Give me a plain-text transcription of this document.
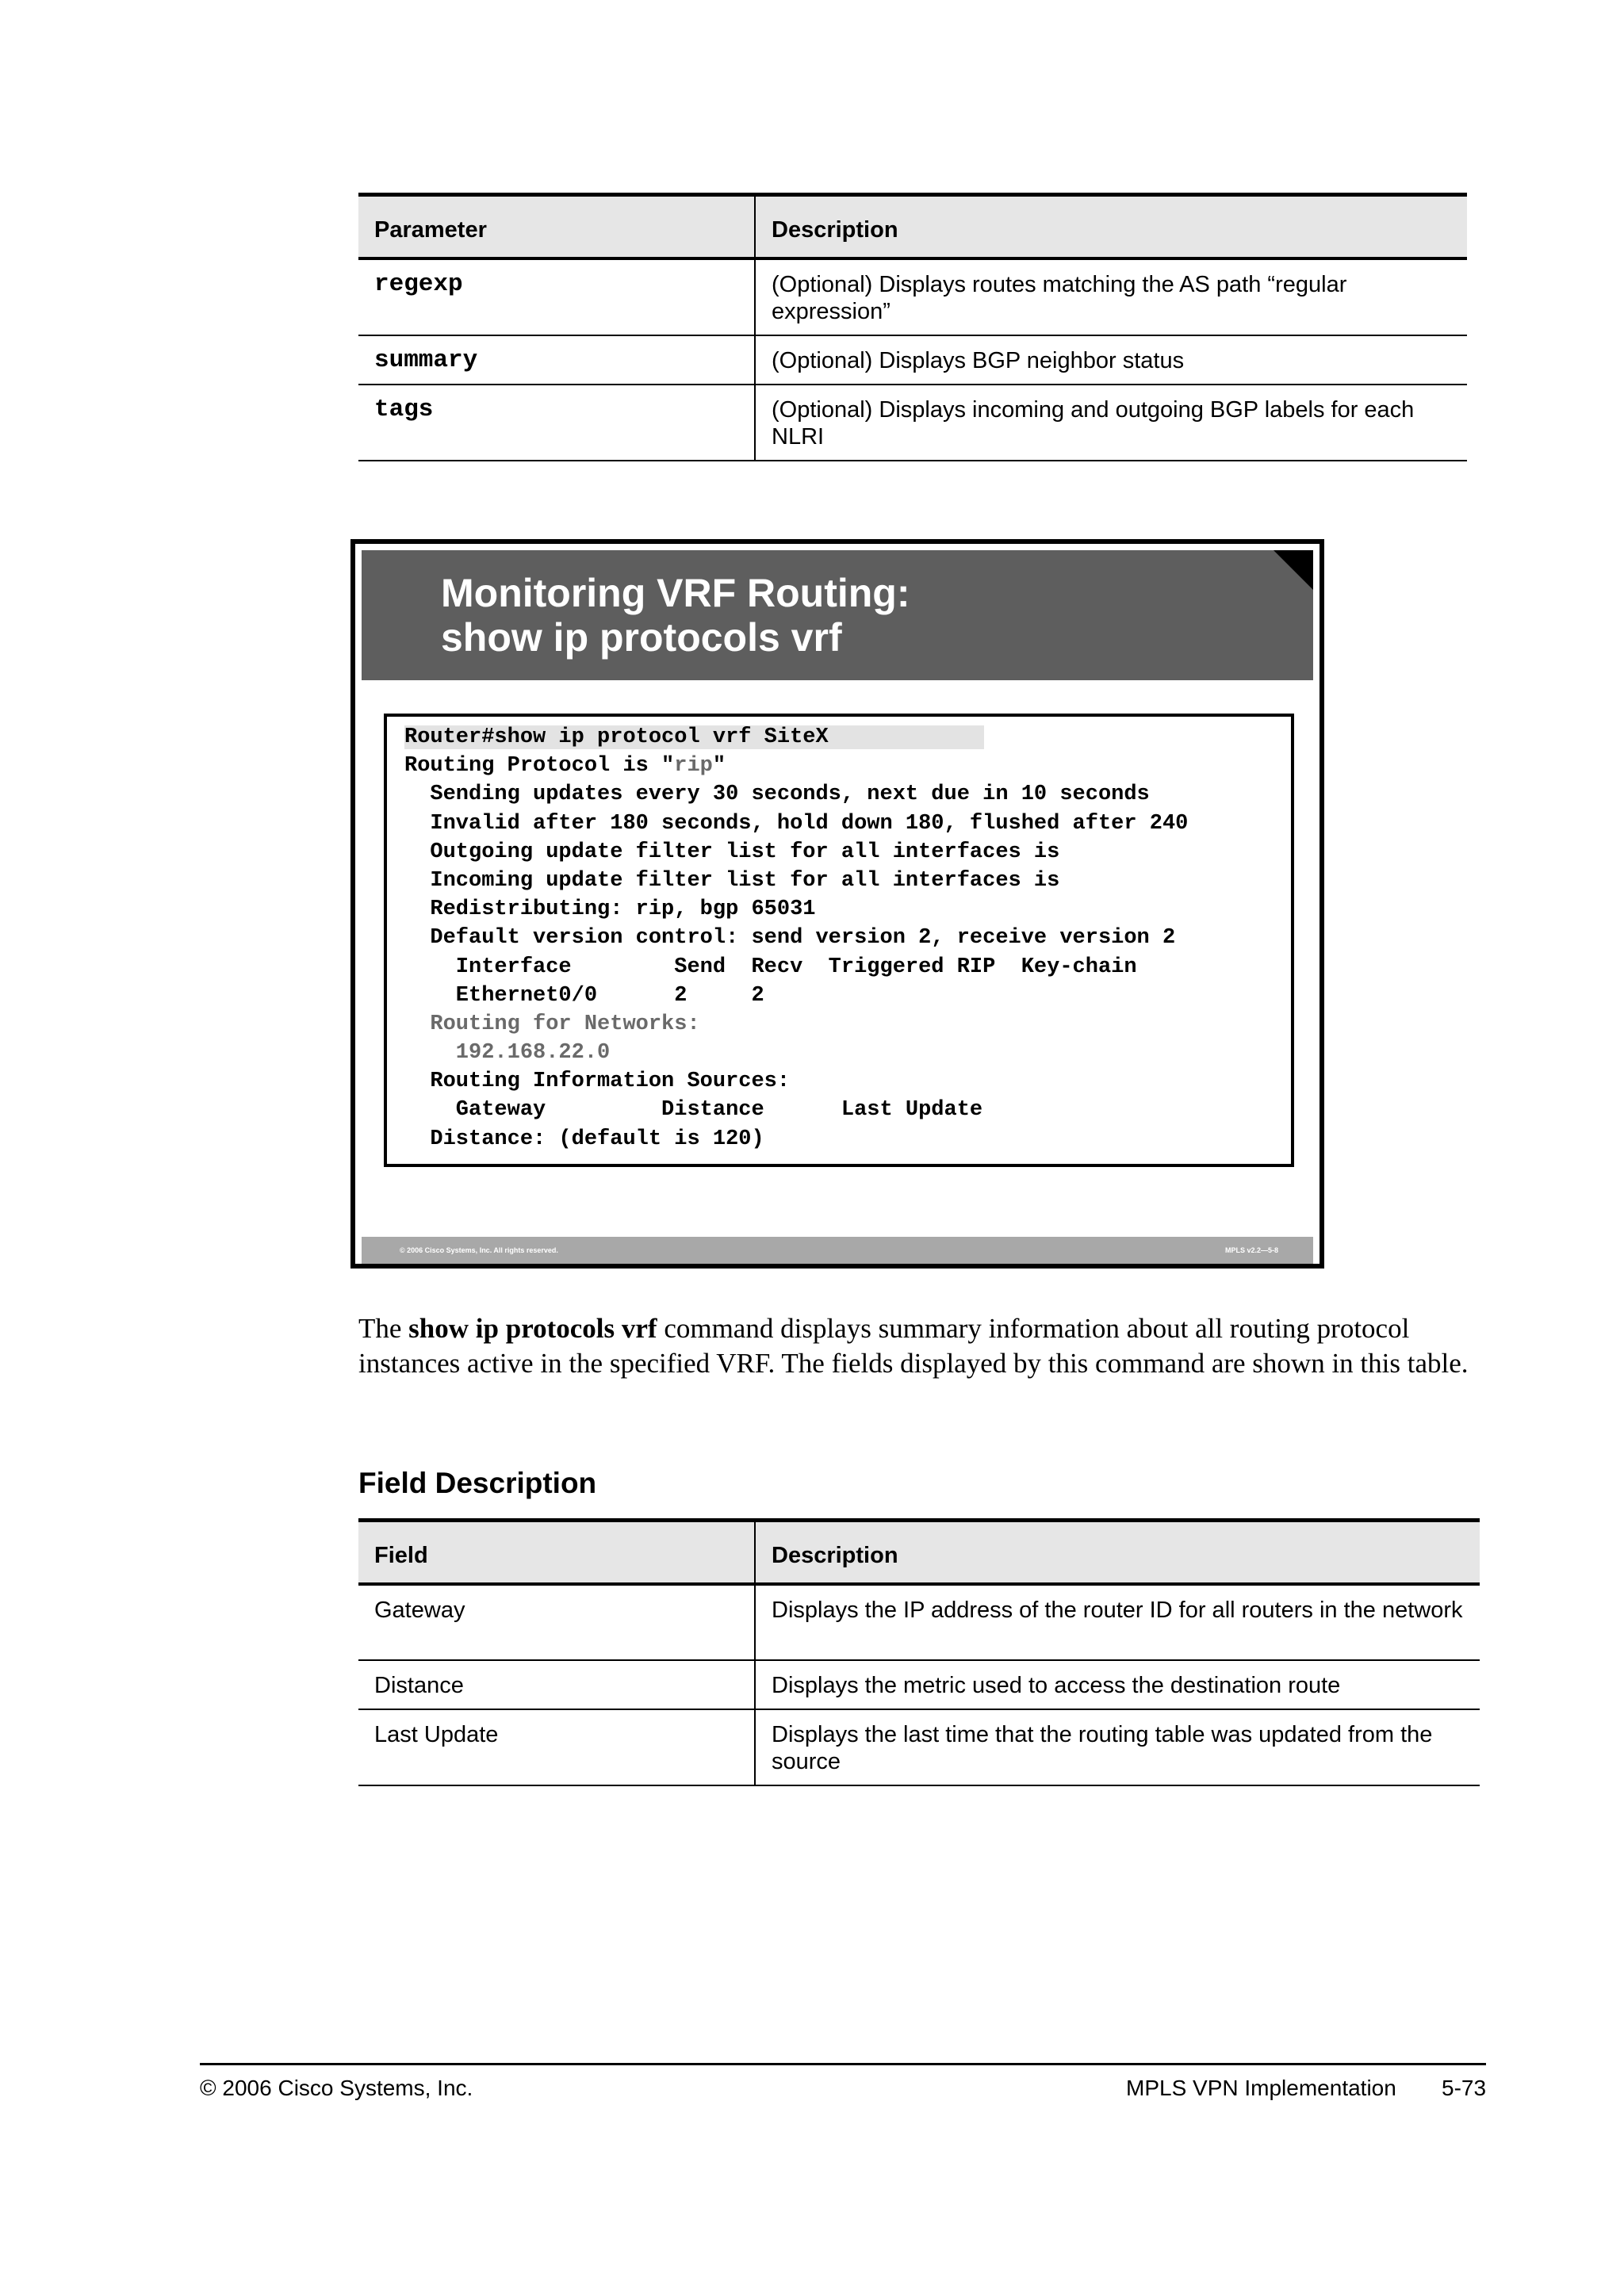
Parameter	Description
regexp	(Optional) Displays routes matching the AS path “regular expression”
summary	(Optional) Displays BGP neighbor status
tags	(Optional) Displays incoming and outgoing BGP labels for each NLRI
Monitoring VRF Routing:
show ip protocols vrf
Router#show ip protocol vrf SiteX
Routing Protocol is "rip"
Sending updates every 30 seconds, next due in 10 seconds
Invalid after 180 seconds, hold down 180, flushed after 240
Outgoing update filter list for all interfaces is
Incoming update filter list for all interfaces is
Redistributing: rip, bgp 65031
Default version control: send version 2, receive version 2
Interface        Send  Recv  Triggered RIP  Key-chain
Ethernet0/0      2     2
Routing for Networks:
192.168.22.0
Routing Information Sources:
Gateway         Distance      Last Update
Distance: (default is 120)
© 2006 Cisco Systems, Inc. All rights reserved.	MPLS v2.2—5-8
The show ip protocols vrf command displays summary information about all routing protocol instances active in the specified VRF. The fields displayed by this command are shown in this table.
Field Description
Field	Description
Gateway	Displays the IP address of the router ID for all routers in the network
Distance	Displays the metric used to access the destination route
Last Update	Displays the last time that the routing table was updated from the source
© 2006 Cisco Systems, Inc.	MPLS VPN Implementation 5-73
